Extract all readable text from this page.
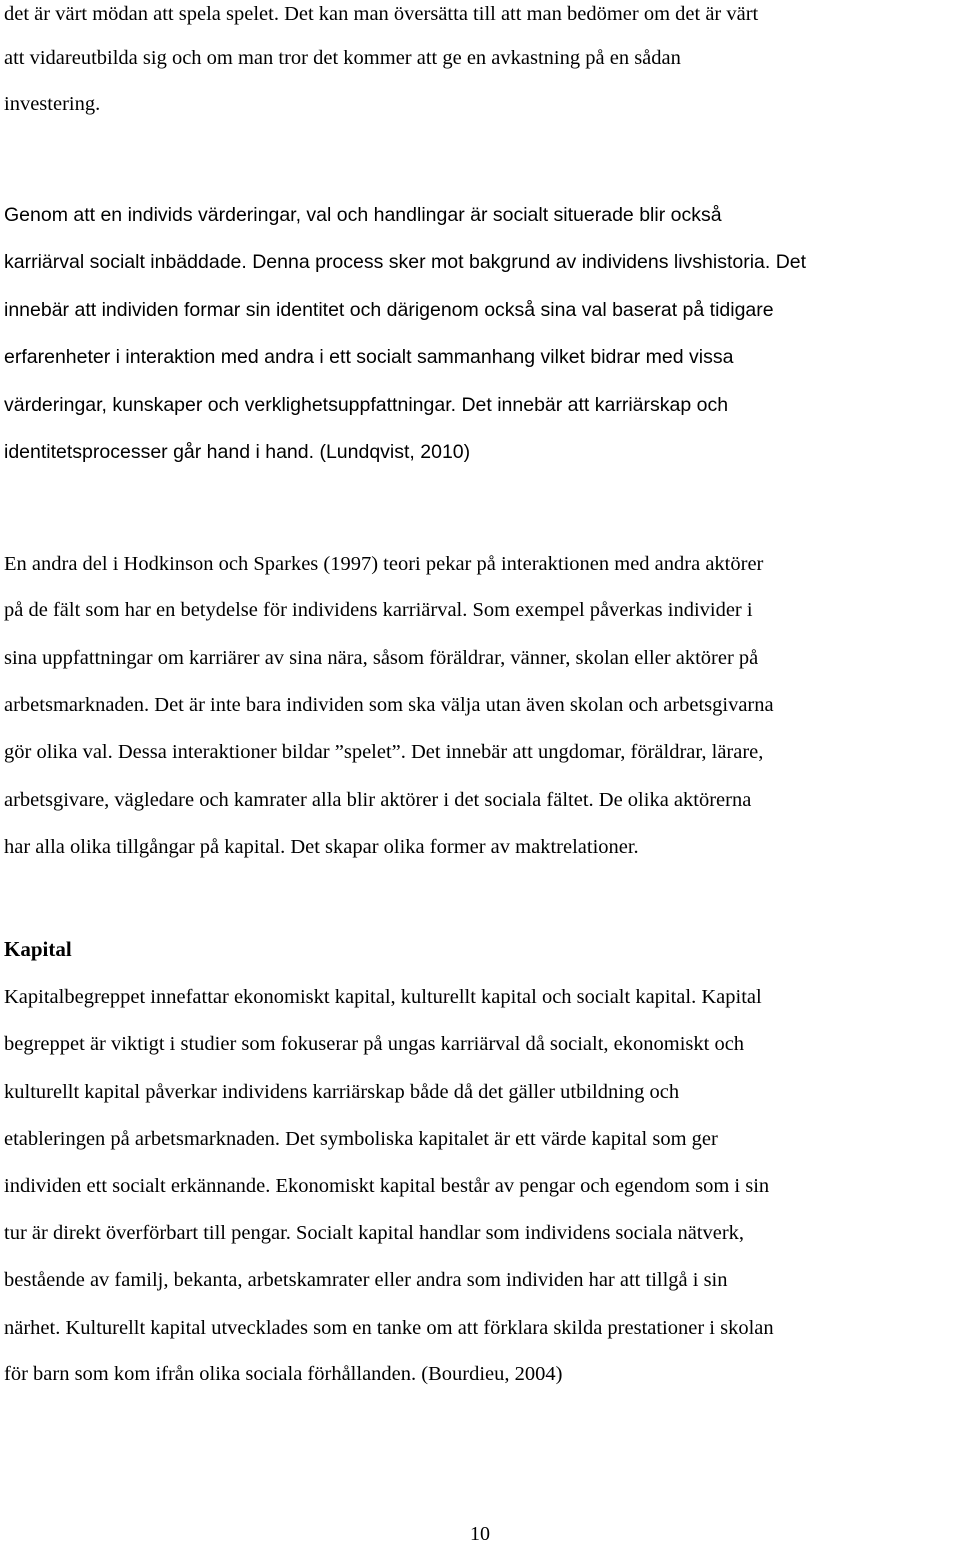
det är värt mödan att spela spelet. Det kan man översätta till att man bedömer om det är värt
att vidareutbilda sig och om man tror det kommer att ge en avkastning på en sådan
investering.
Genom att en individs värderingar, val och handlingar är socialt situerade blir också
karriärval socialt inbäddade. Denna process sker mot bakgrund av individens livshistoria. Det
innebär att individen formar sin identitet och därigenom också sina val baserat på tidigare
erfarenheter i interaktion med andra i ett socialt sammanhang vilket bidrar med vissa
värderingar, kunskaper och verklighetsuppfattningar. Det innebär att karriärskap och
identitetsprocesser går hand i hand. (Lundqvist, 2010)
En andra del i Hodkinson och Sparkes (1997) teori pekar på interaktionen med andra aktörer
på de fält som har en betydelse för individens karriärval. Som exempel påverkas individer i
sina uppfattningar om karriärer av sina nära, såsom föräldrar, vänner, skolan eller aktörer på
arbetsmarknaden. Det är inte bara individen som ska välja utan även skolan och arbetsgivarna
gör olika val. Dessa interaktioner bildar ”spelet”. Det innebär att ungdomar, föräldrar, lärare,
arbetsgivare, vägledare och kamrater alla blir aktörer i det sociala fältet. De olika aktörerna
har alla olika tillgångar på kapital. Det skapar olika former av maktrelationer.
Kapital
Kapitalbegreppet innefattar ekonomiskt kapital, kulturellt kapital och socialt kapital. Kapital
begreppet är viktigt i studier som fokuserar på ungas karriärval då socialt, ekonomiskt och
kulturellt kapital påverkar individens karriärskap både då det gäller utbildning och
etableringen på arbetsmarknaden. Det symboliska kapitalet är ett värde kapital som ger
individen ett socialt erkännande. Ekonomiskt kapital består av pengar och egendom som i sin
tur är direkt överförbart till pengar. Socialt kapital handlar som individens sociala nätverk,
bestående av familj, bekanta, arbetskamrater eller andra som individen har att tillgå i sin
närhet. Kulturellt kapital utvecklades som en tanke om att förklara skilda prestationer i skolan
för barn som kom ifrån olika sociala förhållanden. (Bourdieu, 2004)
10
